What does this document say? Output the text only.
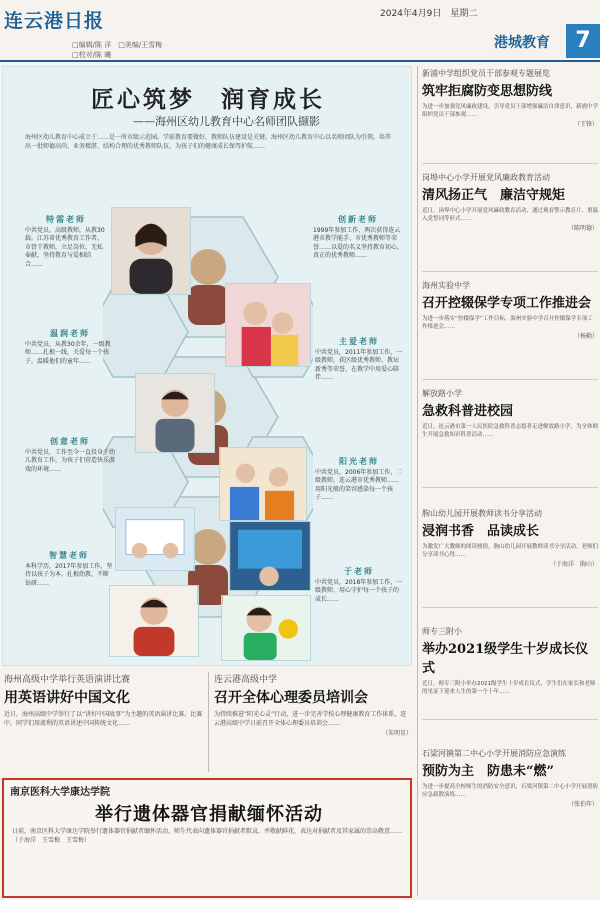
连云港日报
□编辑/陈 洋　□美编/王雪梅
□校对/陈 曦
2024年4月9日　星期二
港城教育	7
匠心筑梦　润育成长
——海州区幼儿教育中心名师团队撷影
海州区幼儿教育中心成立于……是一所市级示范园。学前教育要做好，教师队伍建设是关键。海州区幼儿教育中心以名师团队为引领，培养出一批师德高尚、业务精湛、结构合理的优秀教师队伍，为孩子们的健康成长保驾护航……
特需老师
中共党员，高级教师，从教30载。江苏省优秀教育工作者，市骨干教师，立足岗位，无私奉献，坚持教育与爱相结合……
温润老师
中共党员，从教30余年，一级教师……扎根一线，关爱每一个孩子，温暖他们的童年……
创意老师
中共党员，工作至今一直投身于幼儿教育工作，为孩子们营造快乐游戏的环境……
智慧老师
本科学历，2017年参加工作，坚持以孩子为本，扎根幼教，不断钻研……
创新老师
1999年参加工作，两次获得连云港市教学能手、市优秀教师等荣誉……以爱的名义坚持教育初心，真正的优秀教师……
主爱老师
中共党员，2011年参加工作，一级教师，获区级优秀教师、教坛新秀等荣誉，在教学中用爱心陪伴……
阳光老师
中共党员，2006年参加工作，二级教师，连云港市优秀教师……用阳光般的笑容感染每一个孩子……
于老师
中共党员，2018年参加工作，一级教师，用心守护每一个孩子的成长……
海州高级中学举行英语演讲比赛
用英语讲好中国文化
近日，海州高级中学举行了以“讲好中国故事”为主题的英语演讲比赛。比赛中，同学们用流利的英语讲述中国传统文化……
连云港高级中学
召开全体心理委员培训会
为持续推进“阳光心灵”行动，进一步完善学校心理健康教育工作体系，连云港高级中学日前召开全体心理委员培训会……
（朱明星）
南京医科大学康达学院
举行遗体器官捐献缅怀活动
日前，南京医科大学康达学院举行遗体器官捐献者缅怀活动，师生代表向遗体器官捐献者默哀，并敬献鲜花，表达对捐献者及其家属的崇高敬意…… （于海洋　王雪梅　王雪梅）
新浦中学组织党员干部参观专题展览
筑牢拒腐防变思想防线
为进一步加强党风廉政建设，引导党员干部增强廉洁自律意识，新浦中学组织党员干部参观……
（王锋）
岗埠中心小学开展党风廉政教育活动
清风扬正气　廉洁守规矩
近日，岗埠中心小学开展党风廉政教育活动，通过观看警示教育片、重温入党誓词等形式……
（陈明德）
海州实验中学
召开控辍保学专项工作推进会
为进一步落实“控辍保学”工作目标，海州实验中学召开控辍保学专项工作推进会……
（杨勤）
解放路小学
急救科普进校园
近日，连云港市第一人民医院急救科普志愿者走进解放路小学，为全体师生开展急救知识科普活动……
朐山幼儿园开展教师读书分享活动
浸润书香　品读成长
为激发广大教师的阅读热情，朐山幼儿园开展教师读书分享活动，老师们分享读书心得……
（于海洋　朐山）
师专三附小
举办2021级学生十岁成长仪式
近日，师专三附小举办2021级学生十岁成长仪式，学生们在家长和老师的见证下迎来人生的第一个十年……
石梁河镇第二中心小学开展消防应急演练
预防为主　防患未“燃”
为进一步提高全校师生的消防安全意识，石梁河镇第二中心小学开展消防应急疏散演练……
（张伯年）
